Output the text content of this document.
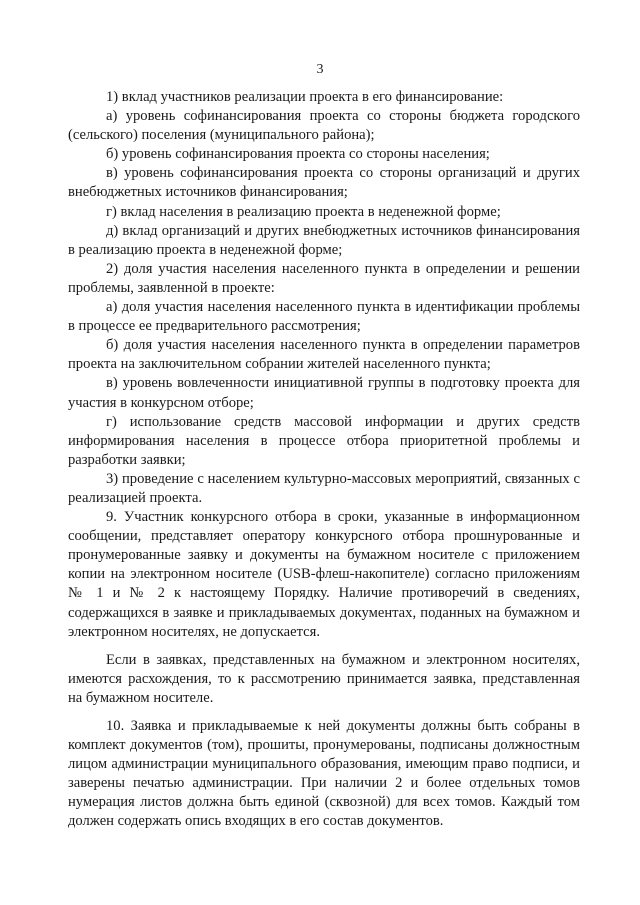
3

1) вклад участников реализации проекта в его финансирование:

а) уровень софинансирования проекта со стороны бюджета городского (сельского) поселения (муниципального района);

б) уровень софинансирования проекта со стороны населения;

в) уровень софинансирования проекта со стороны организаций и других внебюджетных источников финансирования;

г) вклад населения в реализацию проекта в неденежной форме;

д) вклад организаций и других внебюджетных источников финансирования в реализацию проекта в неденежной форме;

2) доля участия населения населенного пункта в определении и решении проблемы, заявленной в проекте:

а) доля участия населения населенного пункта в идентификации проблемы в процессе ее предварительного рассмотрения;

б) доля участия населения населенного пункта в определении параметров проекта на заключительном собрании жителей населенного пункта;

в) уровень вовлеченности инициативной группы в подготовку проекта для участия в конкурсном отборе;

г) использование средств массовой информации и других средств информирования населения в процессе отбора приоритетной проблемы и разработки заявки;

3) проведение с населением культурно-массовых мероприятий, связанных с реализацией проекта.

9. Участник конкурсного отбора в сроки, указанные в информационном сообщении, представляет оператору конкурсного отбора прошнурованные и пронумерованные заявку и документы на бумажном носителе с приложением копии на электронном носителе (USB-флеш-накопителе) согласно приложениям № 1 и № 2 к настоящему Порядку. Наличие противоречий в сведениях, содержащихся в заявке и прикладываемых документах, поданных на бумажном и электронном носителях, не допускается.

Если в заявках, представленных на бумажном и электронном носителях, имеются расхождения, то к рассмотрению принимается заявка, представленная на бумажном носителе.

10. Заявка и прикладываемые к ней документы должны быть собраны в комплект документов (том), прошиты, пронумерованы, подписаны должностным лицом администрации муниципального образования, имеющим право подписи, и заверены печатью администрации. При наличии 2 и более отдельных томов нумерация листов должна быть единой (сквозной) для всех томов. Каждый том должен содержать опись входящих в его состав документов.
